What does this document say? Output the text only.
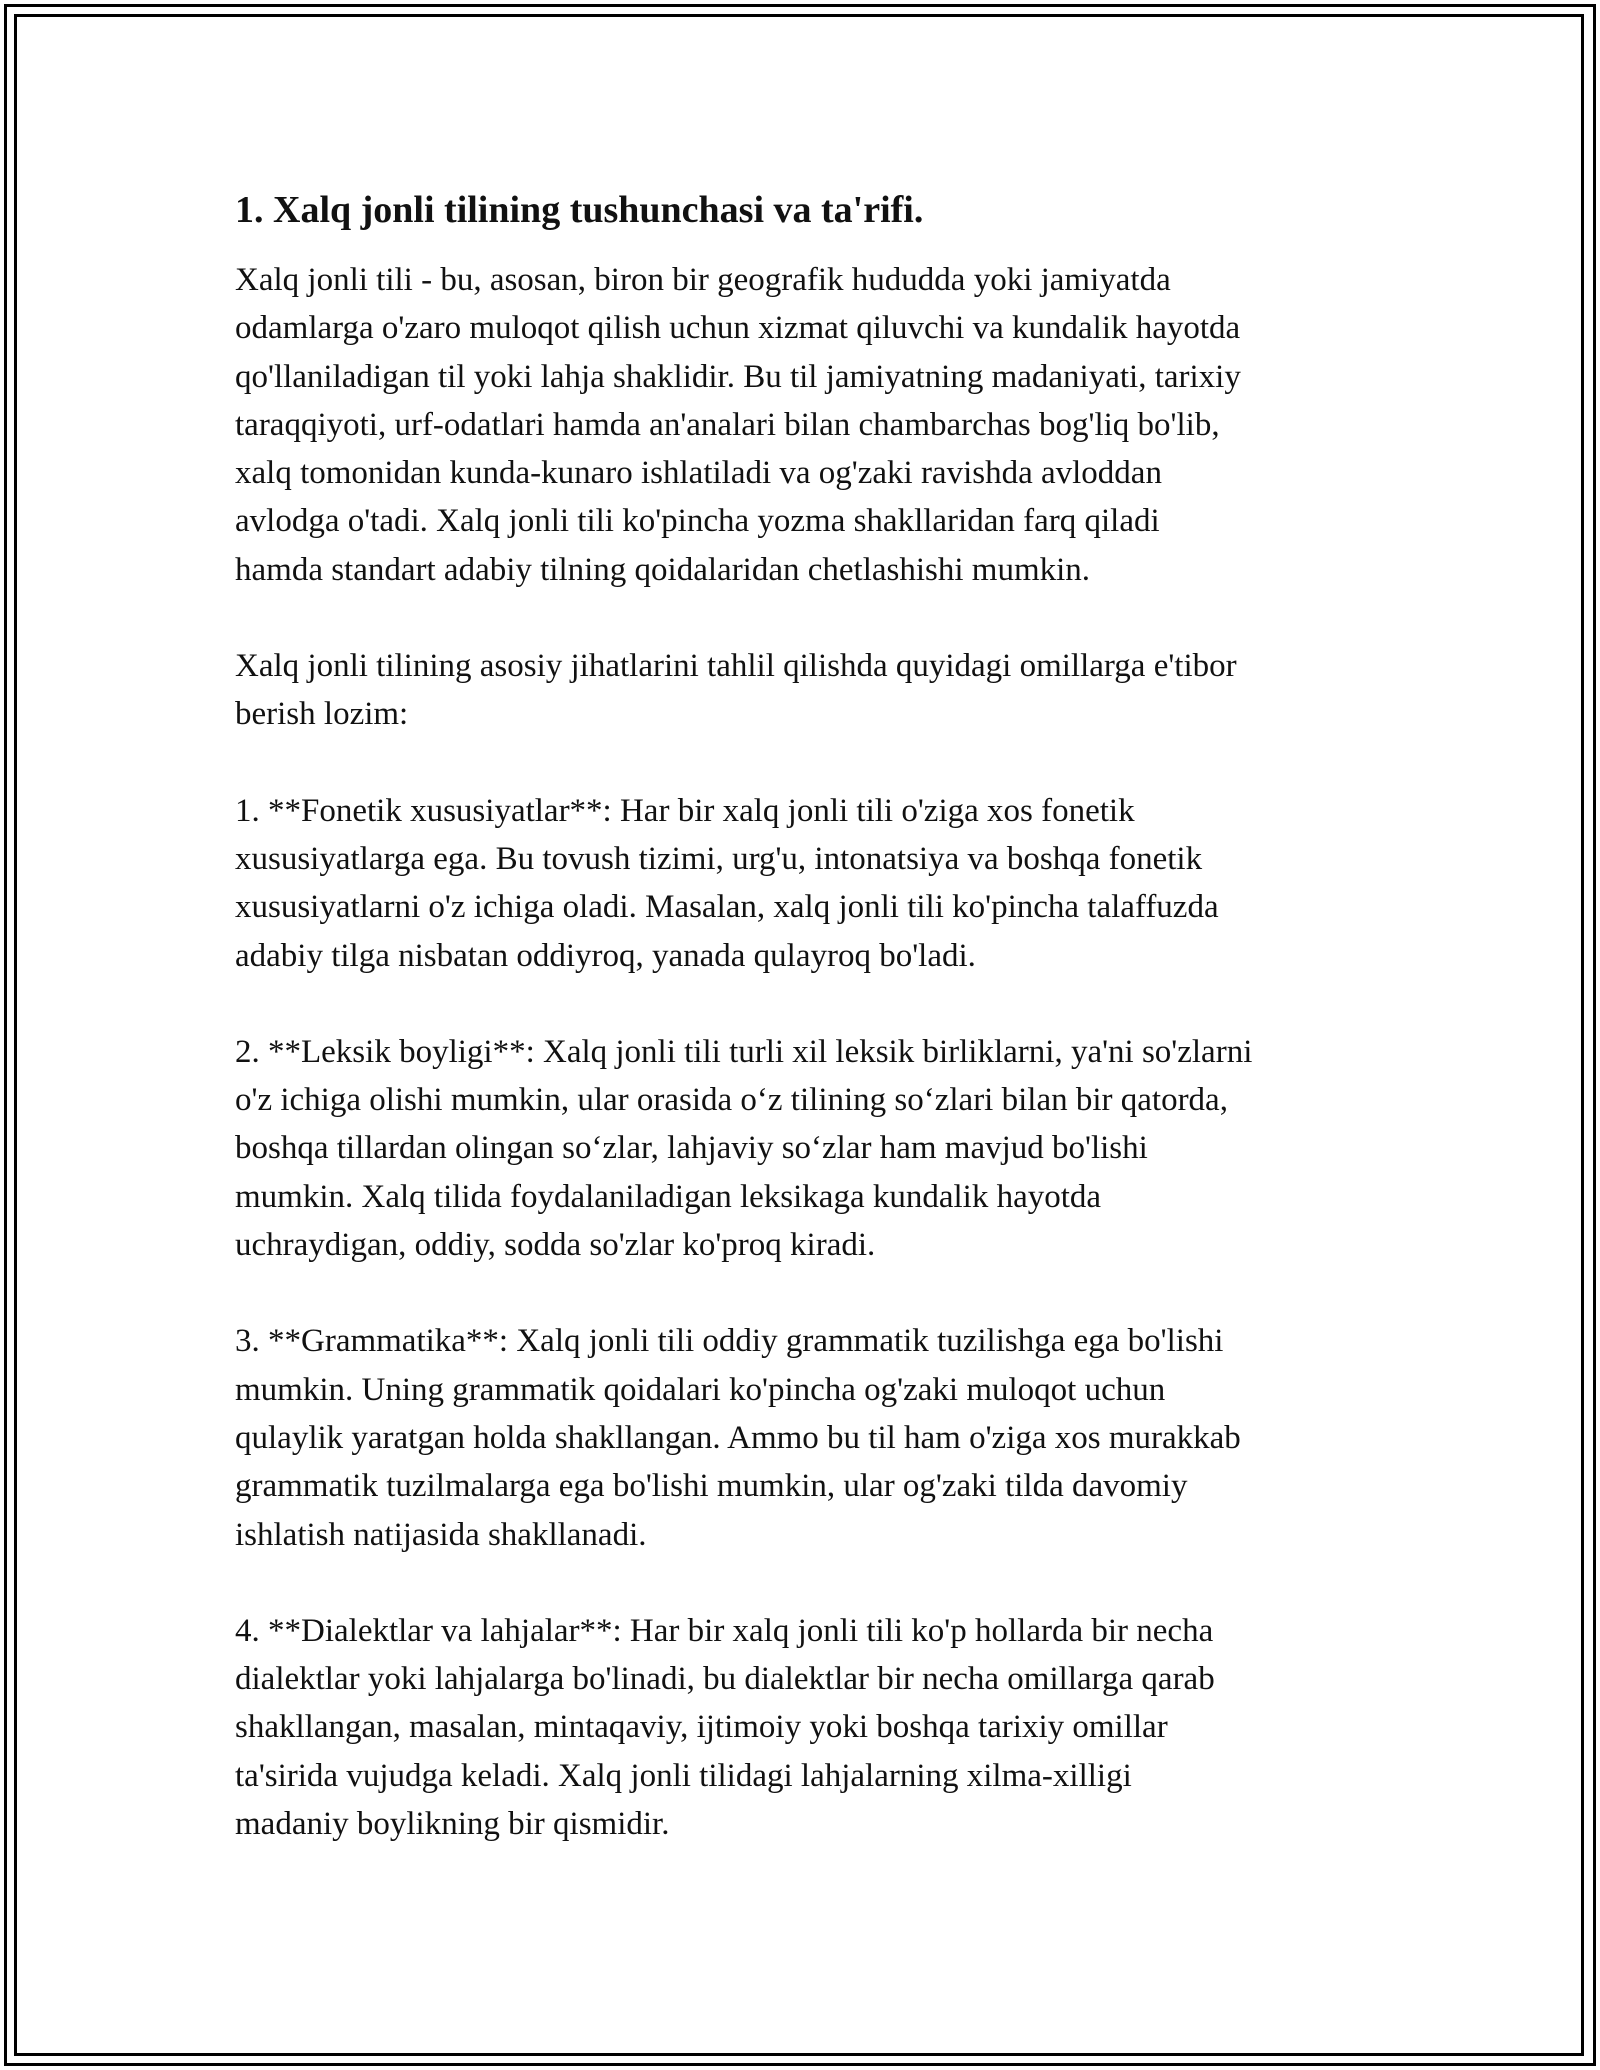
1. Xalq jonli tilining tushunchasi va ta'rifi.

Xalq jonli tili - bu, asosan, biron bir geografik hududda yoki jamiyatda
odamlarga o'zaro muloqot qilish uchun xizmat qiluvchi va kundalik hayotda
qo'llaniladigan til yoki lahja shaklidir. Bu til jamiyatning madaniyati, tarixiy
taraqqiyoti, urf-odatlari hamda an'analari bilan chambarchas bog'liq bo'lib,
xalq tomonidan kunda-kunaro ishlatiladi va og'zaki ravishda avloddan
avlodga o'tadi. Xalq jonli tili ko'pincha yozma shakllaridan farq qiladi
hamda standart adabiy tilning qoidalaridan chetlashishi mumkin.

Xalq jonli tilining asosiy jihatlarini tahlil qilishda quyidagi omillarga e'tibor
berish lozim:

1. **Fonetik xususiyatlar**: Har bir xalq jonli tili o'ziga xos fonetik
xususiyatlarga ega. Bu tovush tizimi, urg'u, intonatsiya va boshqa fonetik
xususiyatlarni o'z ichiga oladi. Masalan, xalq jonli tili ko'pincha talaffuzda
adabiy tilga nisbatan oddiyroq, yanada qulayroq bo'ladi.

2. **Leksik boyligi**: Xalq jonli tili turli xil leksik birliklarni, ya'ni so'zlarni
o'z ichiga olishi mumkin, ular orasida o‘z tilining so‘zlari bilan bir qatorda,
boshqa tillardan olingan so‘zlar, lahjaviy so‘zlar ham mavjud bo'lishi
mumkin. Xalq tilida foydalaniladigan leksikaga kundalik hayotda
uchraydigan, oddiy, sodda so'zlar ko'proq kiradi.

3. **Grammatika**: Xalq jonli tili oddiy grammatik tuzilishga ega bo'lishi
mumkin. Uning grammatik qoidalari ko'pincha og'zaki muloqot uchun
qulaylik yaratgan holda shakllangan. Ammo bu til ham o'ziga xos murakkab
grammatik tuzilmalarga ega bo'lishi mumkin, ular og'zaki tilda davomiy
ishlatish natijasida shakllanadi.

4. **Dialektlar va lahjalar**: Har bir xalq jonli tili ko'p hollarda bir necha
dialektlar yoki lahjalarga bo'linadi, bu dialektlar bir necha omillarga qarab
shakllangan, masalan, mintaqaviy, ijtimoiy yoki boshqa tarixiy omillar
ta'sirida vujudga keladi. Xalq jonli tilidagi lahjalarning xilma-xilligi
madaniy boylikning bir qismidir.
